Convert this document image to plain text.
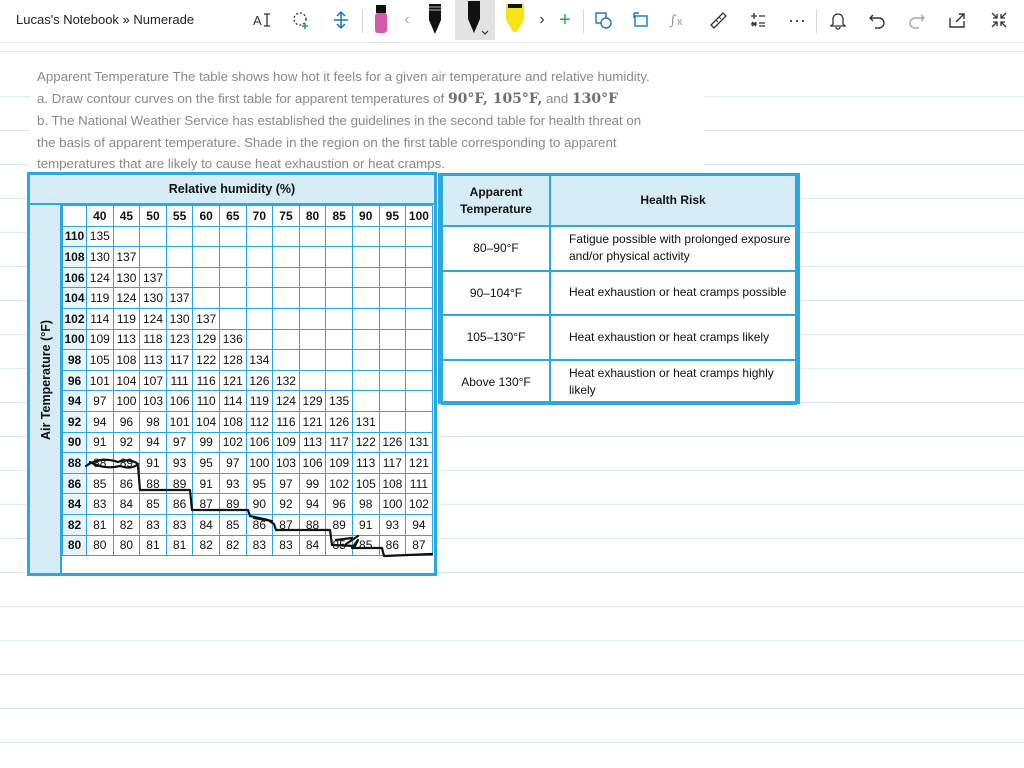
Lucas's Notebook » Numerade	A	‹	› +	∫ x	···

Apparent Temperature The table shows how hot it feels for a given air temperature and relative humidity.

a. Draw contour curves on the first table for apparent temperatures of 90°F, 105°F, and 130°F

b. The National Weather Service has established the guidelines in the second table for health threat on

the basis of apparent temperature. Shade in the region on the first table corresponding to apparent

temperatures that are likely to cause heat exhaustion or heat cramps.

Relative humidity (%)
Air Temperature (°F)
	40	45	50	55	60	65	70	75	80	85	90	95	100
110	135												
108	130	137											
106	124	130	137										
104	119	124	130	137									
102	114	119	124	130	137								
100	109	113	118	123	129	136							
98	105	108	113	117	122	128	134						
96	101	104	107	111	116	121	126	132					
94	97	100	103	106	110	114	119	124	129	135			
92	94	96	98	101	104	108	112	116	121	126	131		
90	91	92	94	97	99	102	106	109	113	117	122	126	131
88	88	89	91	93	95	97	100	103	106	109	113	117	121
86	85	86	88	89	91	93	95	97	99	102	105	108	111
84	83	84	85	86	87	89	90	92	94	96	98	100	102
82	81	82	83	83	84	85	86	87	88	89	91	93	94
80	80	80	81	81	82	82	83	83	84	85	85	86	87
Apparent Temperature	Health Risk
80–90°F	Fatigue possible with prolonged exposure and/or physical activity
90–104°F	Heat exhaustion or heat cramps possible
105–130°F	Heat exhaustion or heat cramps likely
Above 130°F	Heat exhaustion or heat cramps highly likely
